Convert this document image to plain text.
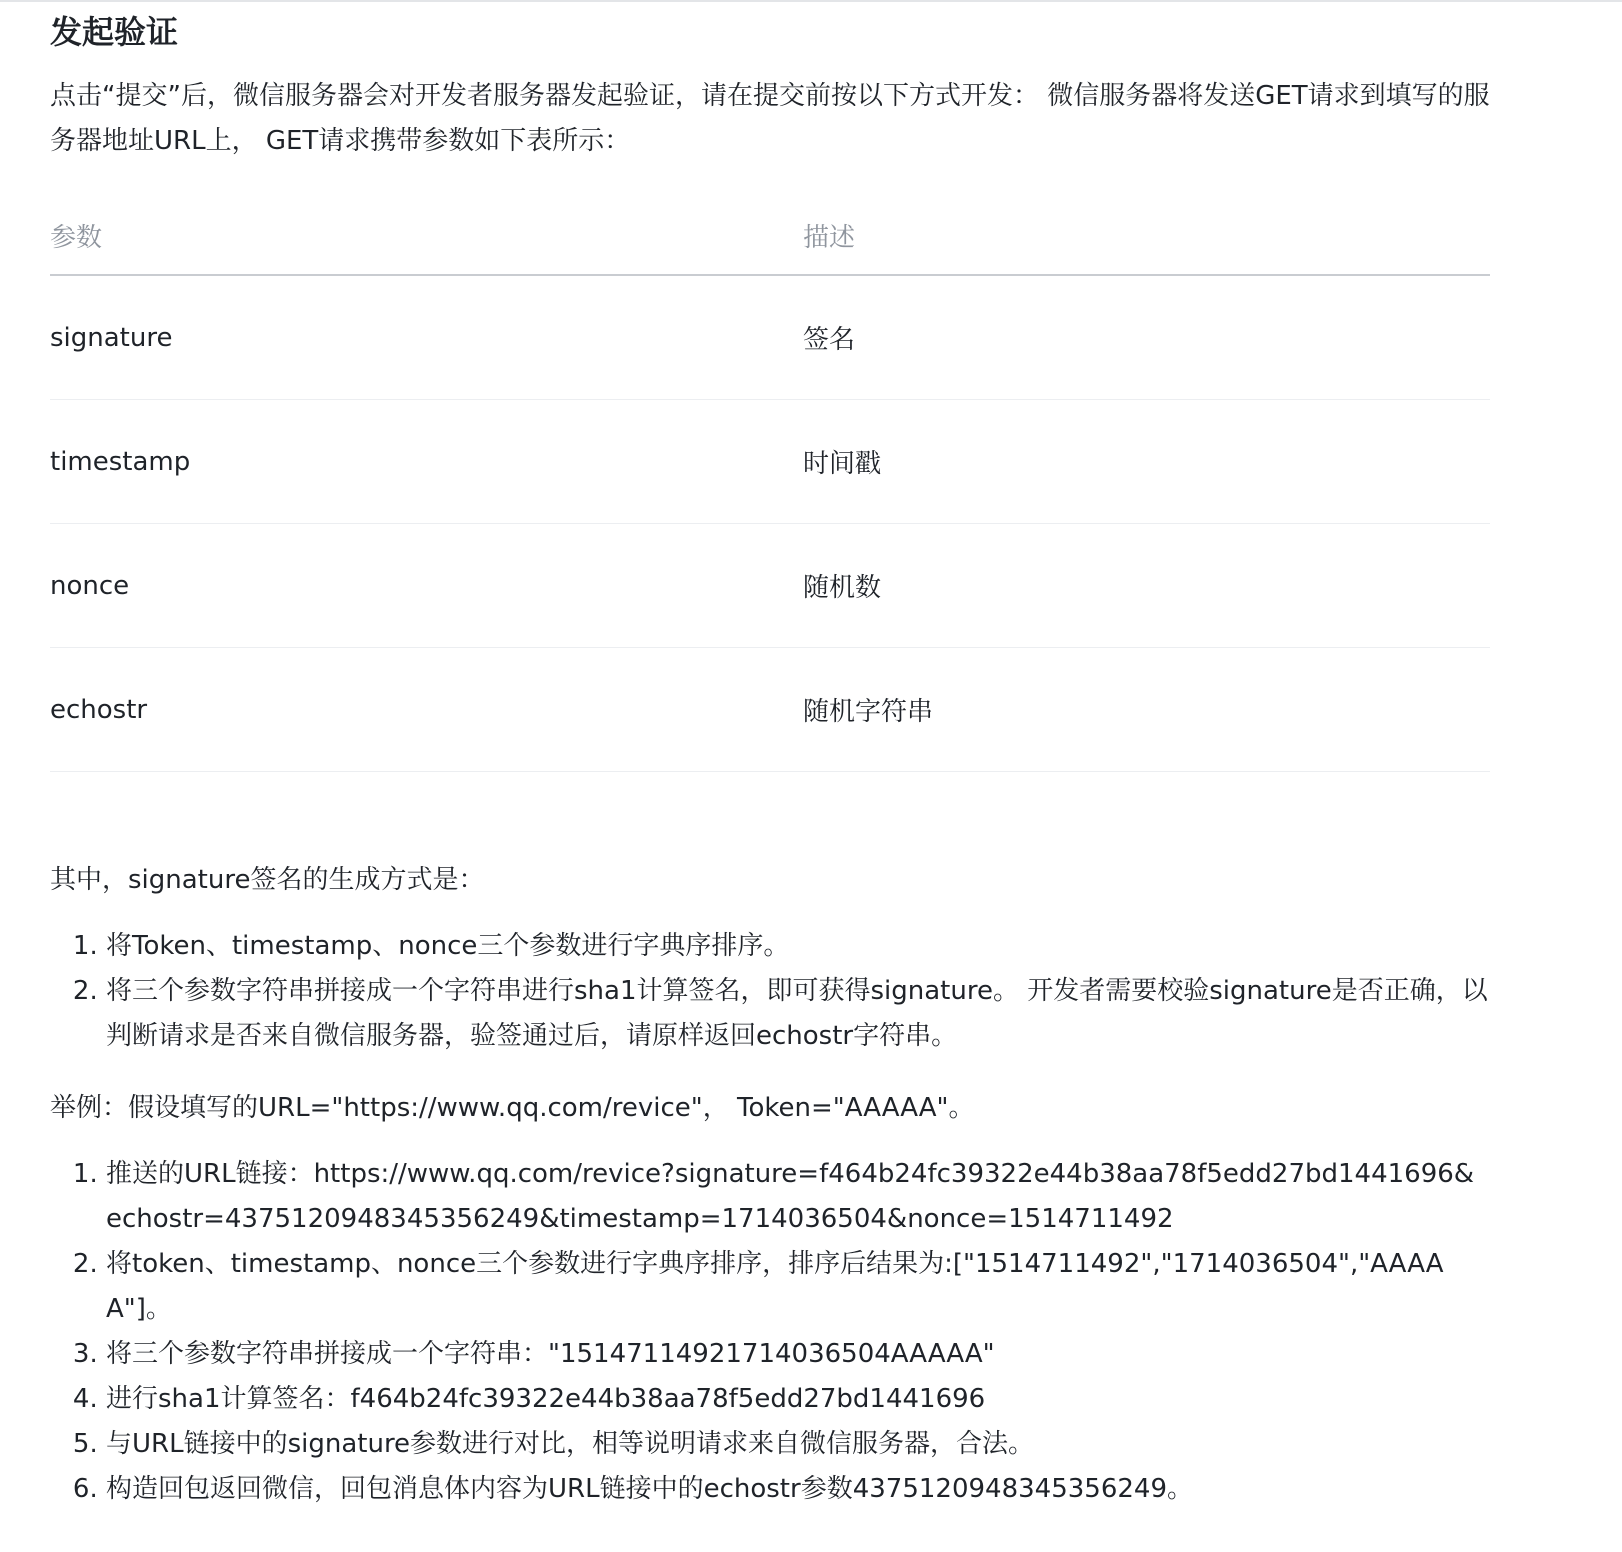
发起验证

点击“提交”后，微信服务器会对开发者服务器发起验证，请在提交前按以下方式开发： 微信服务器将发送GET请求到填写的服务器地址URL上， GET请求携带参数如下表所示：

参数	描述
signature	签名
timestamp	时间戳
nonce	随机数
echostr	随机字符串

其中，signature签名的生成方式是：

1. 将Token、timestamp、nonce三个参数进行字典序排序。
2. 将三个参数字符串拼接成一个字符串进行sha1计算签名，即可获得signature。 开发者需要校验signature是否正确，以判断请求是否来自微信服务器，验签通过后，请原样返回echostr字符串。

举例：假设填写的URL="https://www.qq.com/revice"， Token="AAAAA"。

1. 推送的URL链接：https://www.qq.com/revice?signature=f464b24fc39322e44b38aa78f5edd27bd1441696&echostr=4375120948345356249&timestamp=1714036504&nonce=1514711492
2. 将token、timestamp、nonce三个参数进行字典序排序，排序后结果为:["1514711492","1714036504","AAAAA"]。
3. 将三个参数字符串拼接成一个字符串："15147114921714036504AAAAA"
4. 进行sha1计算签名：f464b24fc39322e44b38aa78f5edd27bd1441696
5. 与URL链接中的signature参数进行对比，相等说明请求来自微信服务器，合法。
6. 构造回包返回微信，回包消息体内容为URL链接中的echostr参数4375120948345356249。
